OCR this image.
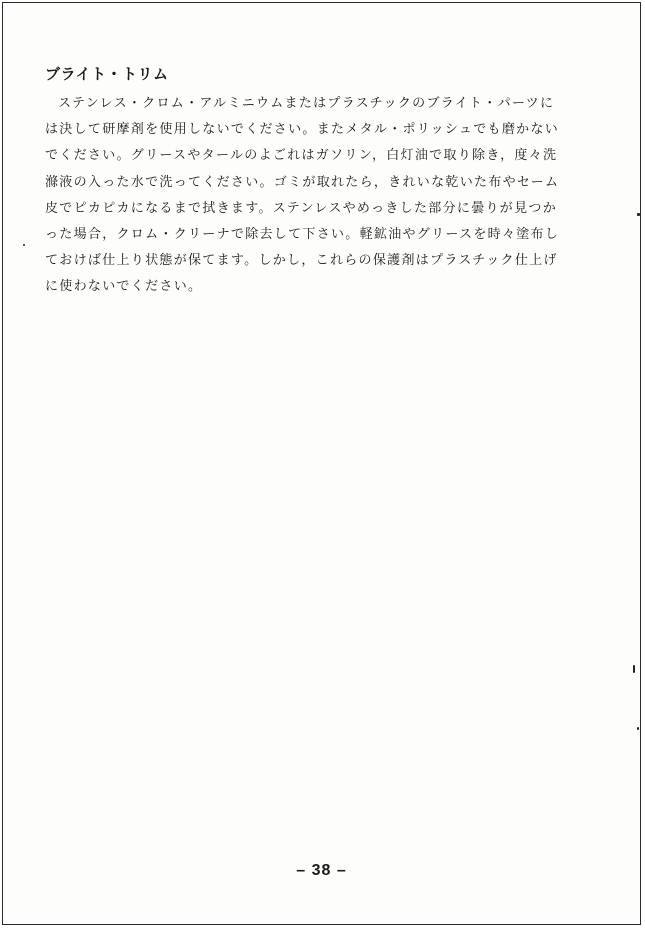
ブライト・トリム

ステンレス・クロム・アルミニウムまたはプラスチックのブライト・パーツに

は決して研摩剤を使用しないでください。またメタル・ポリッシュでも磨かない

でください。グリースやタールのよごれはガソリン，白灯油で取り除き，度々洗

滌液の入った水で洗ってください。ゴミが取れたら，きれいな乾いた布やセーム

皮でピカピカになるまで拭きます。ステンレスやめっきした部分に曇りが見つか

った場合，クロム・クリーナで除去して下さい。軽鉱油やグリースを時々塗布し

ておけば仕上り状態が保てます。しかし，これらの保護剤はプラスチック仕上げ

に使わないでください。

– 38 –
